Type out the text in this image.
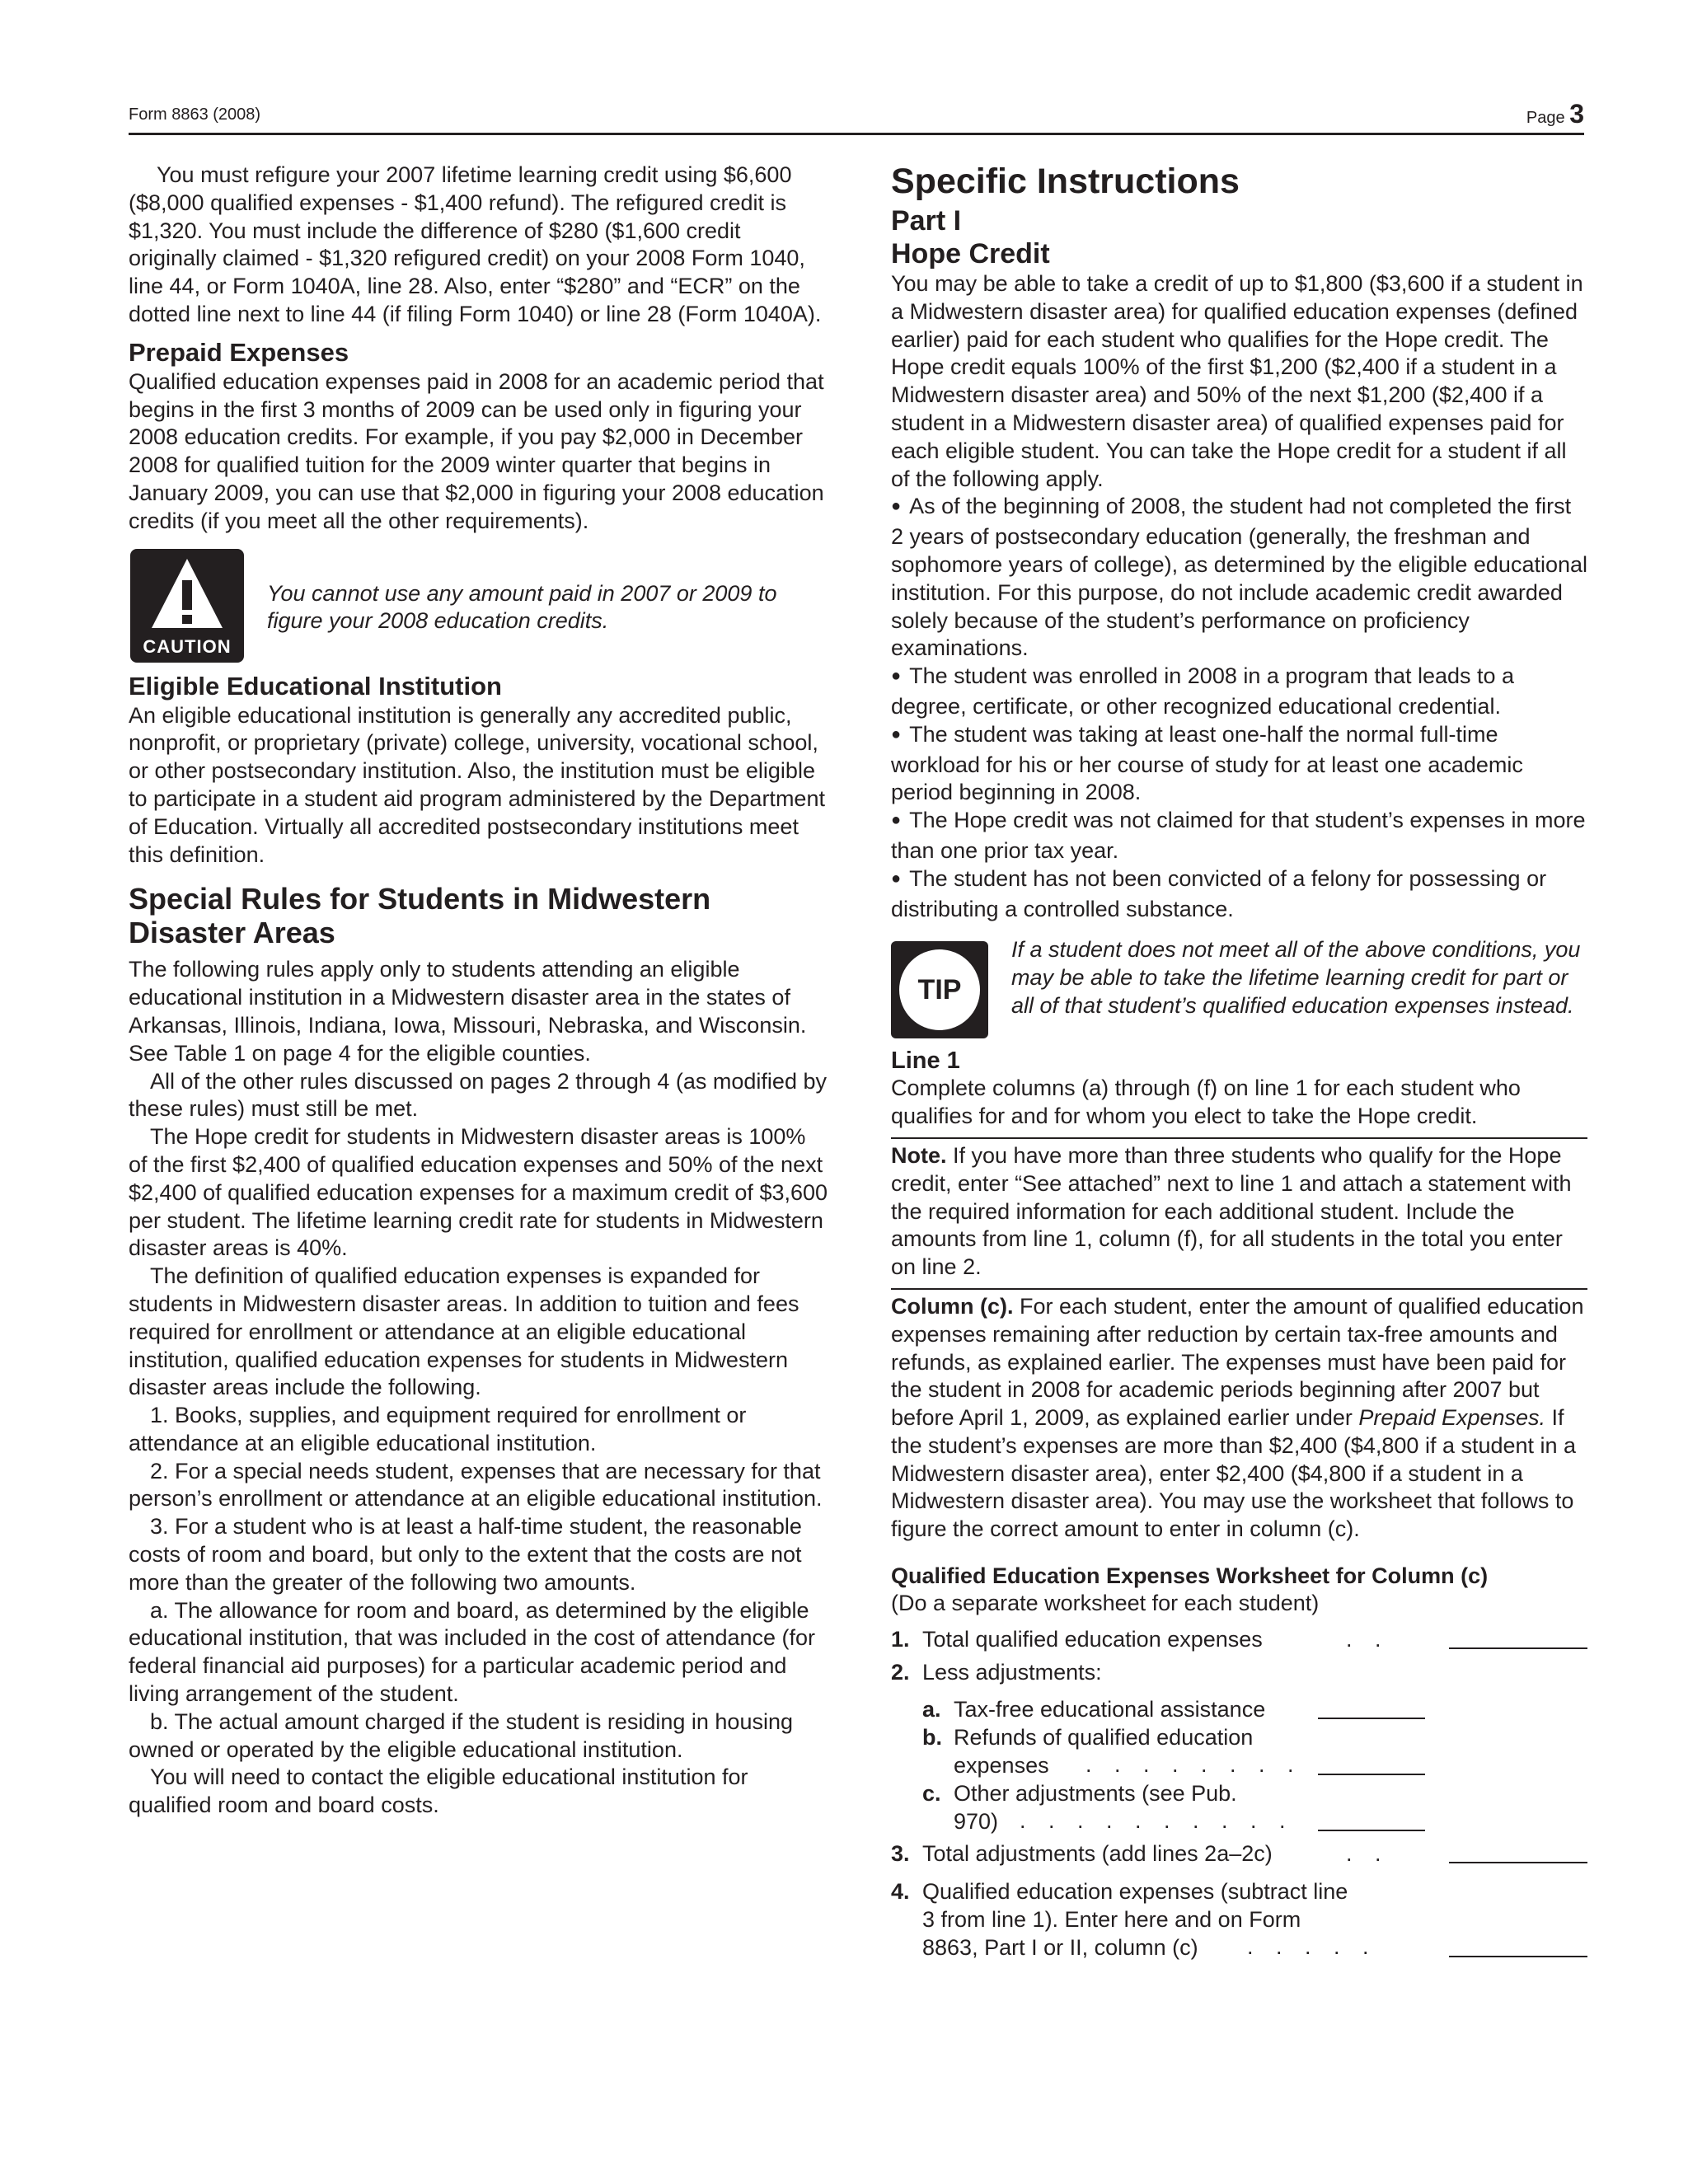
Form 8863 (2008)	Page 3

You must refigure your 2007 lifetime learning credit using $6,600 ($8,000 qualified expenses - $1,400 refund). The refigured credit is $1,320. You must include the difference of $280 ($1,600 credit originally claimed - $1,320 refigured credit) on your 2008 Form 1040, line 44, or Form 1040A, line 28. Also, enter “$280” and “ECR” on the dotted line next to line 44 (if filing Form 1040) or line 28 (Form 1040A).

Prepaid Expenses

Qualified education expenses paid in 2008 for an academic period that begins in the first 3 months of 2009 can be used only in figuring your 2008 education credits. For example, if you pay $2,000 in December 2008 for qualified tuition for the 2009 winter quarter that begins in January 2009, you can use that $2,000 in figuring your 2008 education credits (if you meet all the other requirements).

CAUTION
You cannot use any amount paid in 2007 or 2009 to figure your 2008 education credits.
Eligible Educational Institution

An eligible educational institution is generally any accredited public, nonprofit, or proprietary (private) college, university, vocational school, or other postsecondary institution. Also, the institution must be eligible to participate in a student aid program administered by the Department of Education. Virtually all accredited postsecondary institutions meet this definition.

Special Rules for Students in Midwestern Disaster Areas

The following rules apply only to students attending an eligible educational institution in a Midwestern disaster area in the states of Arkansas, Illinois, Indiana, Iowa, Missouri, Nebraska, and Wisconsin. See Table 1 on page 4 for the eligible counties.

All of the other rules discussed on pages 2 through 4 (as modified by these rules) must still be met.

The Hope credit for students in Midwestern disaster areas is 100% of the first $2,400 of qualified education expenses and 50% of the next $2,400 of qualified education expenses for a maximum credit of $3,600 per student. The lifetime learning credit rate for students in Midwestern disaster areas is 40%.

The definition of qualified education expenses is expanded for students in Midwestern disaster areas. In addition to tuition and fees required for enrollment or attendance at an eligible educational institution, qualified education expenses for students in Midwestern disaster areas include the following.

1. Books, supplies, and equipment required for enrollment or attendance at an eligible educational institution.

2. For a special needs student, expenses that are necessary for that person’s enrollment or attendance at an eligible educational institution.

3. For a student who is at least a half-time student, the reasonable costs of room and board, but only to the extent that the costs are not more than the greater of the following two amounts.

a. The allowance for room and board, as determined by the eligible educational institution, that was included in the cost of attendance (for federal financial aid purposes) for a particular academic period and living arrangement of the student.

b. The actual amount charged if the student is residing in housing owned or operated by the eligible educational institution.

You will need to contact the eligible educational institution for qualified room and board costs.

Specific Instructions
Part I
Hope Credit

You may be able to take a credit of up to $1,800 ($3,600 if a student in a Midwestern disaster area) for qualified education expenses (defined earlier) paid for each student who qualifies for the Hope credit. The Hope credit equals 100% of the first $1,200 ($2,400 if a student in a Midwestern disaster area) and 50% of the next $1,200 ($2,400 if a student in a Midwestern disaster area) of qualified expenses paid for each eligible student. You can take the Hope credit for a student if all of the following apply.

● As of the beginning of 2008, the student had not completed the first 2 years of postsecondary education (generally, the freshman and sophomore years of college), as determined by the eligible educational institution. For this purpose, do not include academic credit awarded solely because of the student’s performance on proficiency examinations.

● The student was enrolled in 2008 in a program that leads to a degree, certificate, or other recognized educational credential.

● The student was taking at least one-half the normal full-time workload for his or her course of study for at least one academic period beginning in 2008.

● The Hope credit was not claimed for that student’s expenses in more than one prior tax year.

● The student has not been convicted of a felony for possessing or distributing a controlled substance.

TIP
If a student does not meet all of the above conditions, you may be able to take the lifetime learning credit for part or all of that student’s qualified education expenses instead.
Line 1

Complete columns (a) through (f) on line 1 for each student who qualifies for and for whom you elect to take the Hope credit.

Note. If you have more than three students who qualify for the Hope credit, enter “See attached” next to line 1 and attach a statement with the required information for each additional student. Include the amounts from line 1, column (f), for all students in the total you enter on line 2.

Column (c). For each student, enter the amount of qualified education expenses remaining after reduction by certain tax-free amounts and refunds, as explained earlier. The expenses must have been paid for the student in 2008 for academic periods beginning after 2007 but before April 1, 2009, as explained earlier under Prepaid Expenses. If the student’s expenses are more than $2,400 ($4,800 if a student in a Midwestern disaster area), enter $2,400 ($4,800 if a student in a Midwestern disaster area). You may use the worksheet that follows to figure the correct amount to enter in column (c).

Qualified Education Expenses Worksheet for Column (c)

(Do a separate worksheet for each student)

1. Total qualified education expenses	. .
2. Less adjustments:
a. Tax-free educational assistance
b. Refunds of qualified education
expenses . . . . . . . .
c. Other adjustments (see Pub.
970) . . . . . . . . . .
3. Total adjustments (add lines 2a–2c)	. .
4. Qualified education expenses (subtract line
3 from line 1). Enter here and on Form
8863, Part I or II, column (c) . . . . .
